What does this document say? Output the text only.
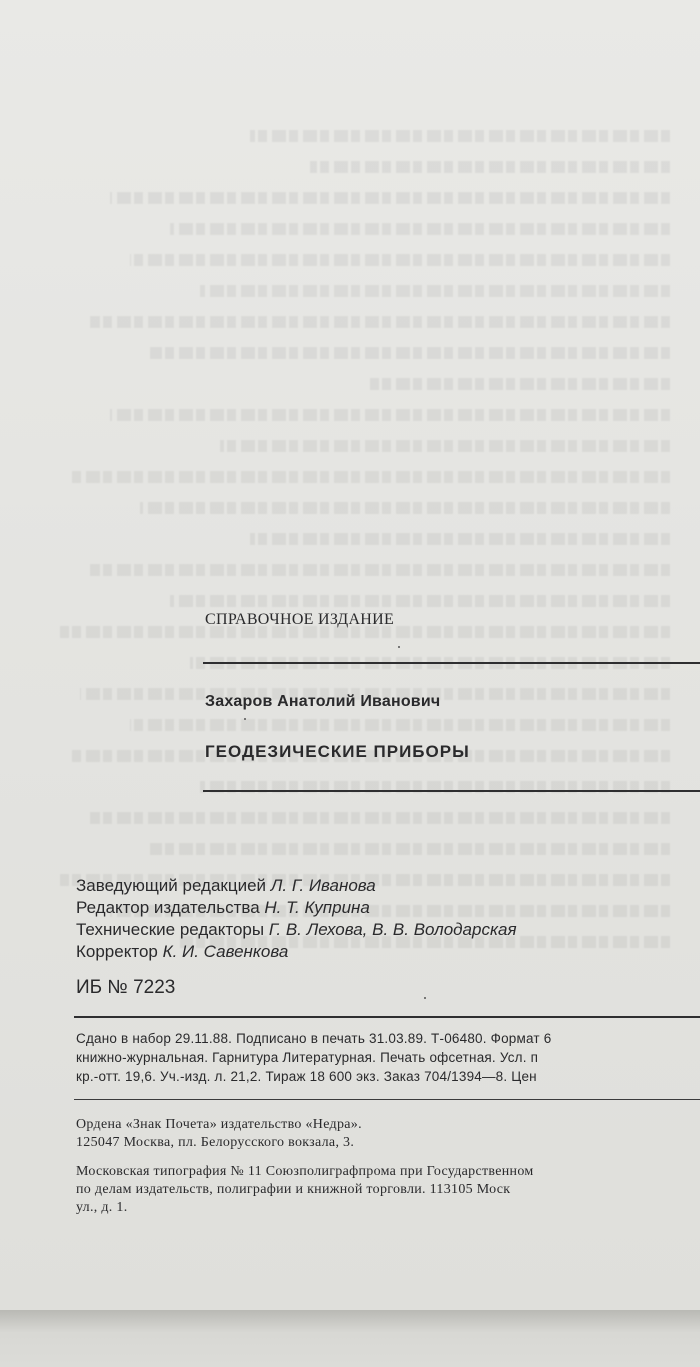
СПРАВОЧНОЕ ИЗДАНИЕ

Захаров Анатолий Иванович

ГЕОДЕЗИЧЕСКИЕ ПРИБОРЫ

Заведующий редакцией Л. Г. Иванова

Редактор издательства Н. Т. Куприна

Технические редакторы Г. В. Лехова, В. В. Володарская

Корректор К. И. Савенкова

ИБ № 7223

Сдано в набор 29.11.88. Подписано в печать 31.03.89. Т-06480. Формат 6

книжно-журнальная. Гарнитура Литературная. Печать офсетная. Усл. п

кр.-отт. 19,6. Уч.-изд. л. 21,2. Тираж 18 600 экз. Заказ 704/1394—8. Цен

Ордена «Знак Почета» издательство «Недра».

125047 Москва, пл. Белорусского вокзала, 3.

Московская типография № 11 Союзполиграфпрома при Государственном

по делам издательств, полиграфии и книжной торговли. 113105 Моск

ул., д. 1.
